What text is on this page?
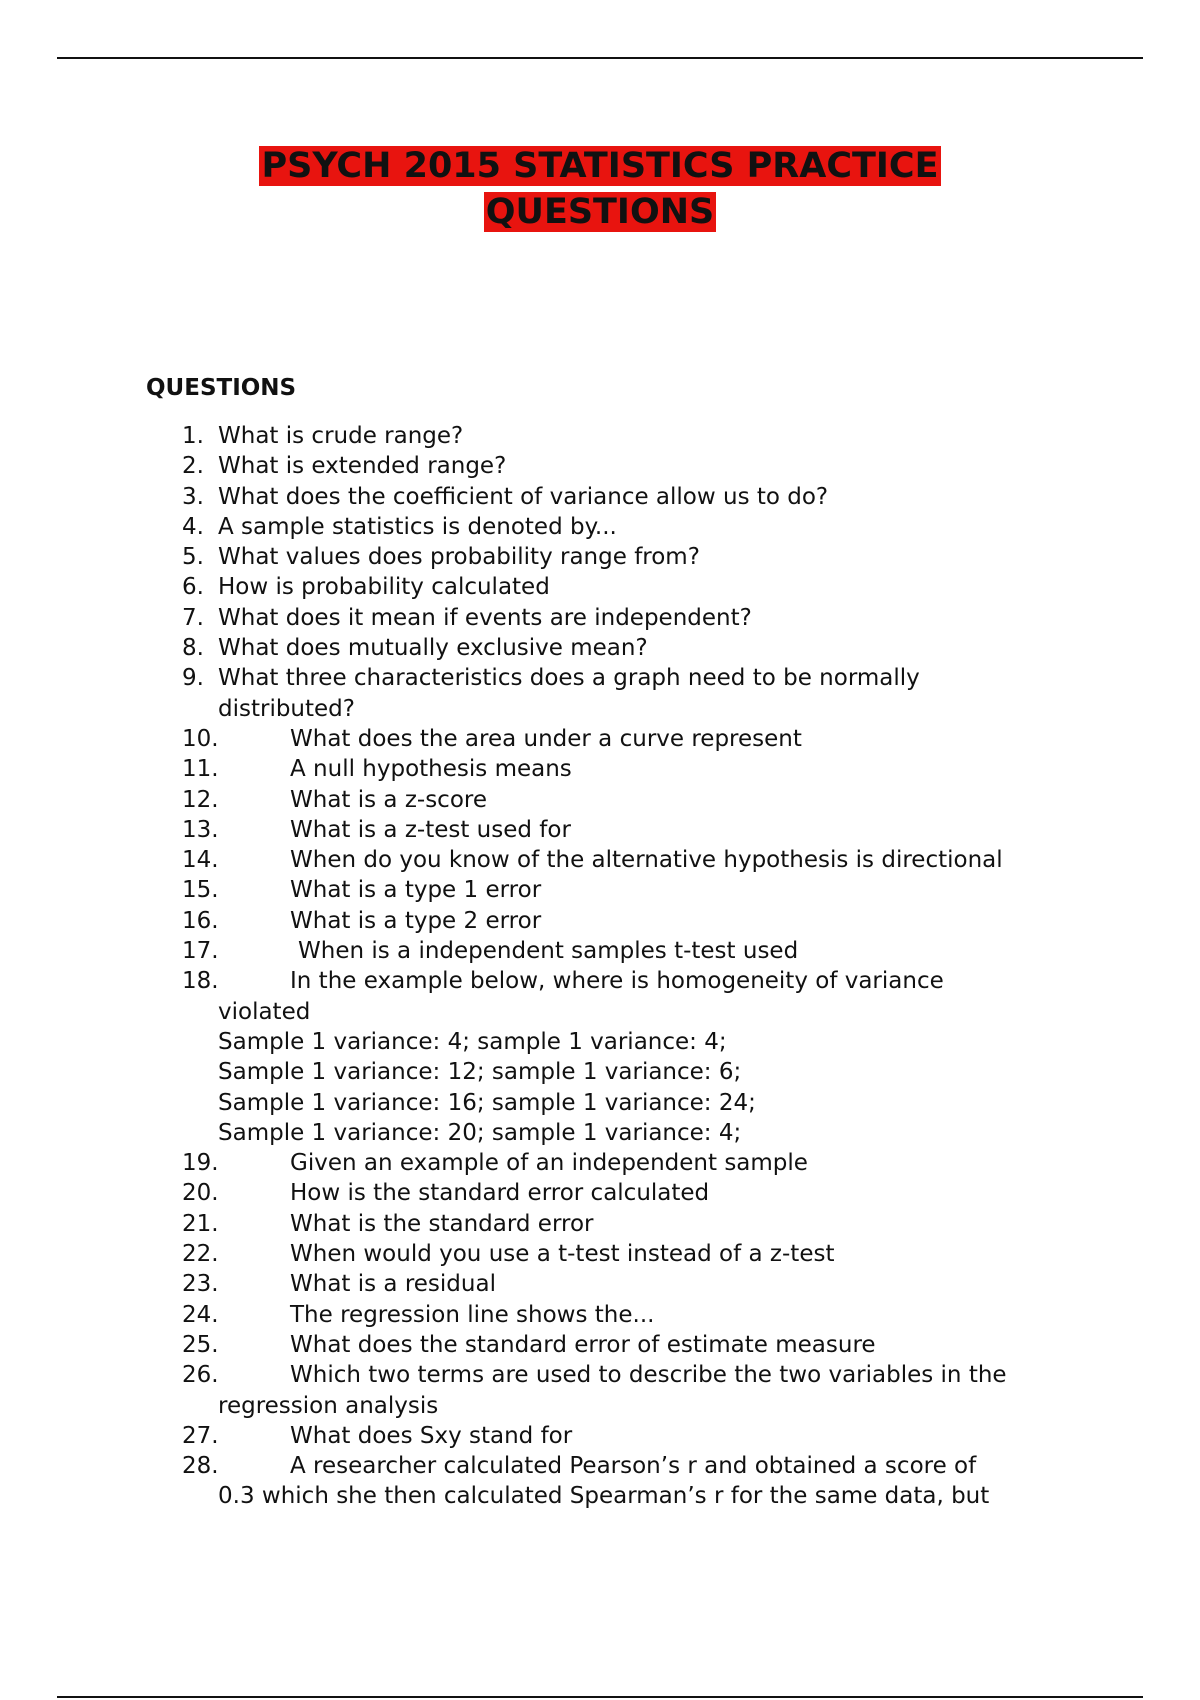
PSYCH 2015 STATISTICS PRACTICE
QUESTIONS
QUESTIONS
1. What is crude range?
2. What is extended range?
3. What does the coefficient of variance allow us to do?
4. A sample statistics is denoted by...
5. What values does probability range from?
6. How is probability calculated
7. What does it mean if events are independent?
8. What does mutually exclusive mean?
9. What three characteristics does a graph need to be normally
distributed?
10.	What does the area under a curve represent
11.	A null hypothesis means
12.	What is a z-score
13.	What is a z-test used for
14.	When do you know of the alternative hypothesis is directional
15.	What is a type 1 error
16.	What is a type 2 error
17.	When is a independent samples t-test used
18.	In the example below, where is homogeneity of variance
violated
Sample 1 variance: 4; sample 1 variance: 4;
Sample 1 variance: 12; sample 1 variance: 6;
Sample 1 variance: 16; sample 1 variance: 24;
Sample 1 variance: 20; sample 1 variance: 4;
19.	Given an example of an independent sample
20.	How is the standard error calculated
21.	What is the standard error
22.	When would you use a t-test instead of a z-test
23.	What is a residual
24.	The regression line shows the...
25.	What does the standard error of estimate measure
26.	Which two terms are used to describe the two variables in the
regression analysis
27.	What does Sxy stand for
28.	A researcher calculated Pearson’s r and obtained a score of
0.3 which she then calculated Spearman’s r for the same data, but
